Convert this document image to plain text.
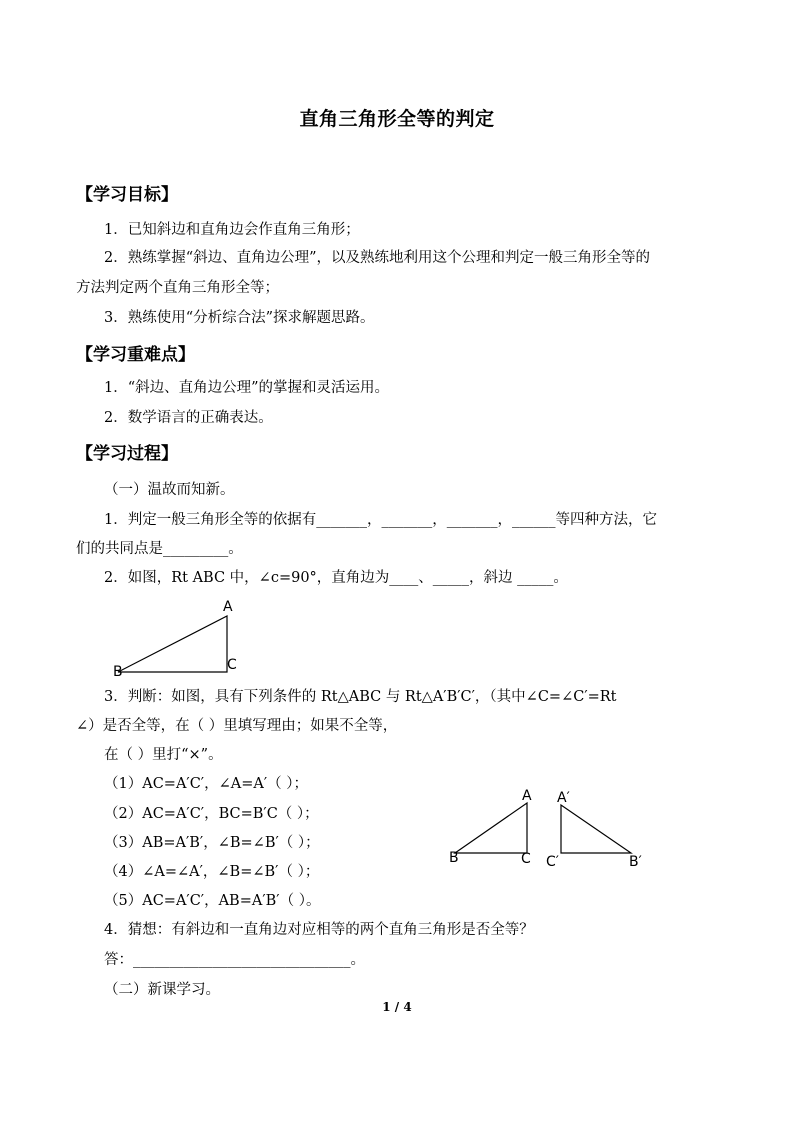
直角三角形全等的判定
【学习目标】
1．已知斜边和直角边会作直角三角形；
2．熟练掌握“斜边、直角边公理”，以及熟练地利用这个公理和判定一般三角形全等的
方法判定两个直角三角形全等；
3．熟练使用“分析综合法”探求解题思路。
【学习重难点】
1．“斜边、直角边公理”的掌握和灵活运用。
2．数学语言的正确表达。
【学习过程】
（一）温故而知新。
1．判定一般三角形全等的依据有_______，_______，_______，______等四种方法，它
们的共同点是_________。
2．如图，Rt ABC 中，∠c=90°，直角边为____、_____，斜边 _____。
A
B	C
3．判断：如图，具有下列条件的 Rt△ABC 与 Rt△A′B′C′，（其中∠C=∠C′=Rt
∠）是否全等，在（ ）里填写理由；如果不全等，
在（ ）里打“×”。
（1）AC=A′C′，∠A=A′（ ）；
（2）AC=A′C′，BC=B′C（ ）；
（3）AB=A′B′，∠B=∠B′（ ）；
（4）∠A=∠A′，∠B=∠B′（ ）；
（5）AC=A′C′，AB=A′B′（ ）。
A
B	C
A′
B′
C′
4．猜想：有斜边和一直角边对应相等的两个直角三角形是否全等？
答：______________________________。
（二）新课学习。
1 / 4
